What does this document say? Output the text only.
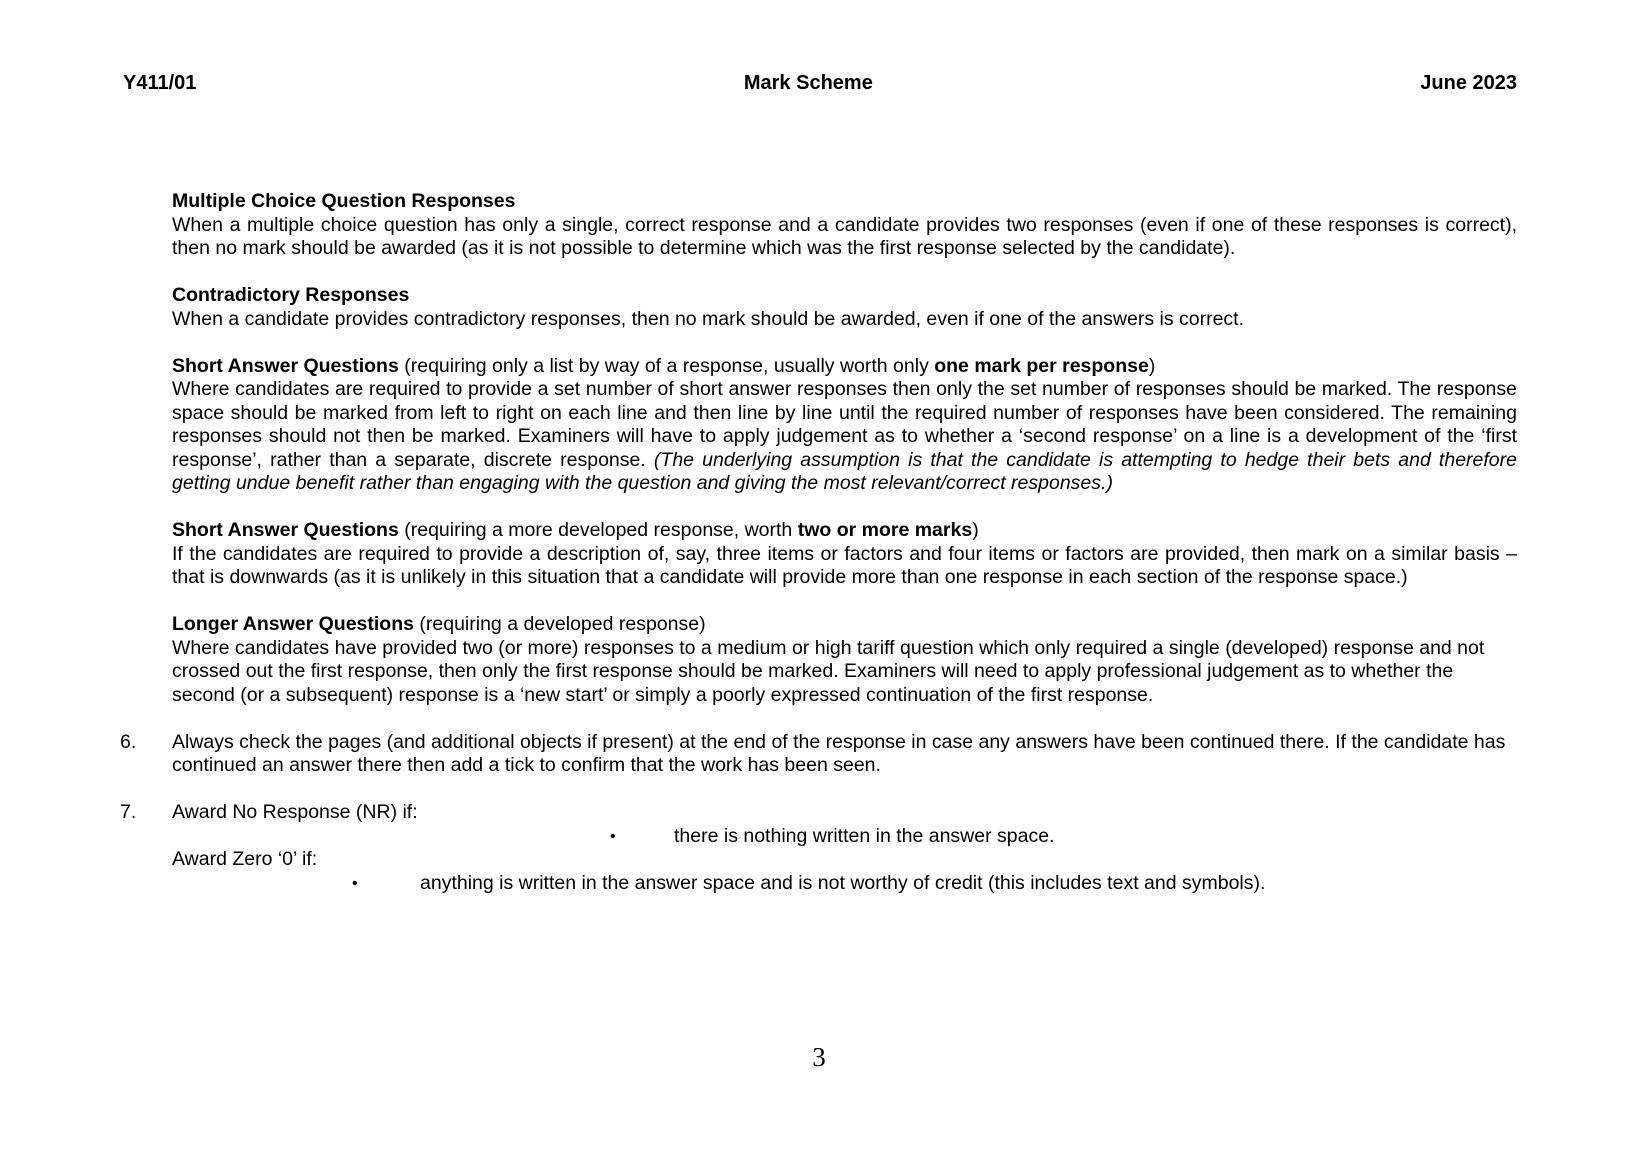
Y411/01	Mark Scheme	June 2023

Multiple Choice Question Responses

When a multiple choice question has only a single, correct response and a candidate provides two responses (even if one of these responses is correct), then no mark should be awarded (as it is not possible to determine which was the first response selected by the candidate).

Contradictory Responses

When a candidate provides contradictory responses, then no mark should be awarded, even if one of the answers is correct.

Short Answer Questions (requiring only a list by way of a response, usually worth only one mark per response)

Where candidates are required to provide a set number of short answer responses then only the set number of responses should be marked. The response space should be marked from left to right on each line and then line by line until the required number of responses have been considered. The remaining responses should not then be marked. Examiners will have to apply judgement as to whether a ‘second response’ on a line is a development of the ‘first response’, rather than a separate, discrete response. (The underlying assumption is that the candidate is attempting to hedge their bets and therefore getting undue benefit rather than engaging with the question and giving the most relevant/correct responses.)

Short Answer Questions (requiring a more developed response, worth two or more marks)

If the candidates are required to provide a description of, say, three items or factors and four items or factors are provided, then mark on a similar basis – that is downwards (as it is unlikely in this situation that a candidate will provide more than one response in each section of the response space.)

Longer Answer Questions (requiring a developed response)

Where candidates have provided two (or more) responses to a medium or high tariff question which only required a single (developed) response and not crossed out the first response, then only the first response should be marked. Examiners will need to apply professional judgement as to whether the second (or a subsequent) response is a ‘new start’ or simply a poorly expressed continuation of the first response.

6. Always check the pages (and additional objects if present) at the end of the response in case any answers have been continued there. If the candidate has continued an answer there then add a tick to confirm that the work has been seen.

7. Award No Response (NR) if:

•	there is nothing written in the answer space.

Award Zero ‘0’ if:

•	anything is written in the answer space and is not worthy of credit (this includes text and symbols).

3
